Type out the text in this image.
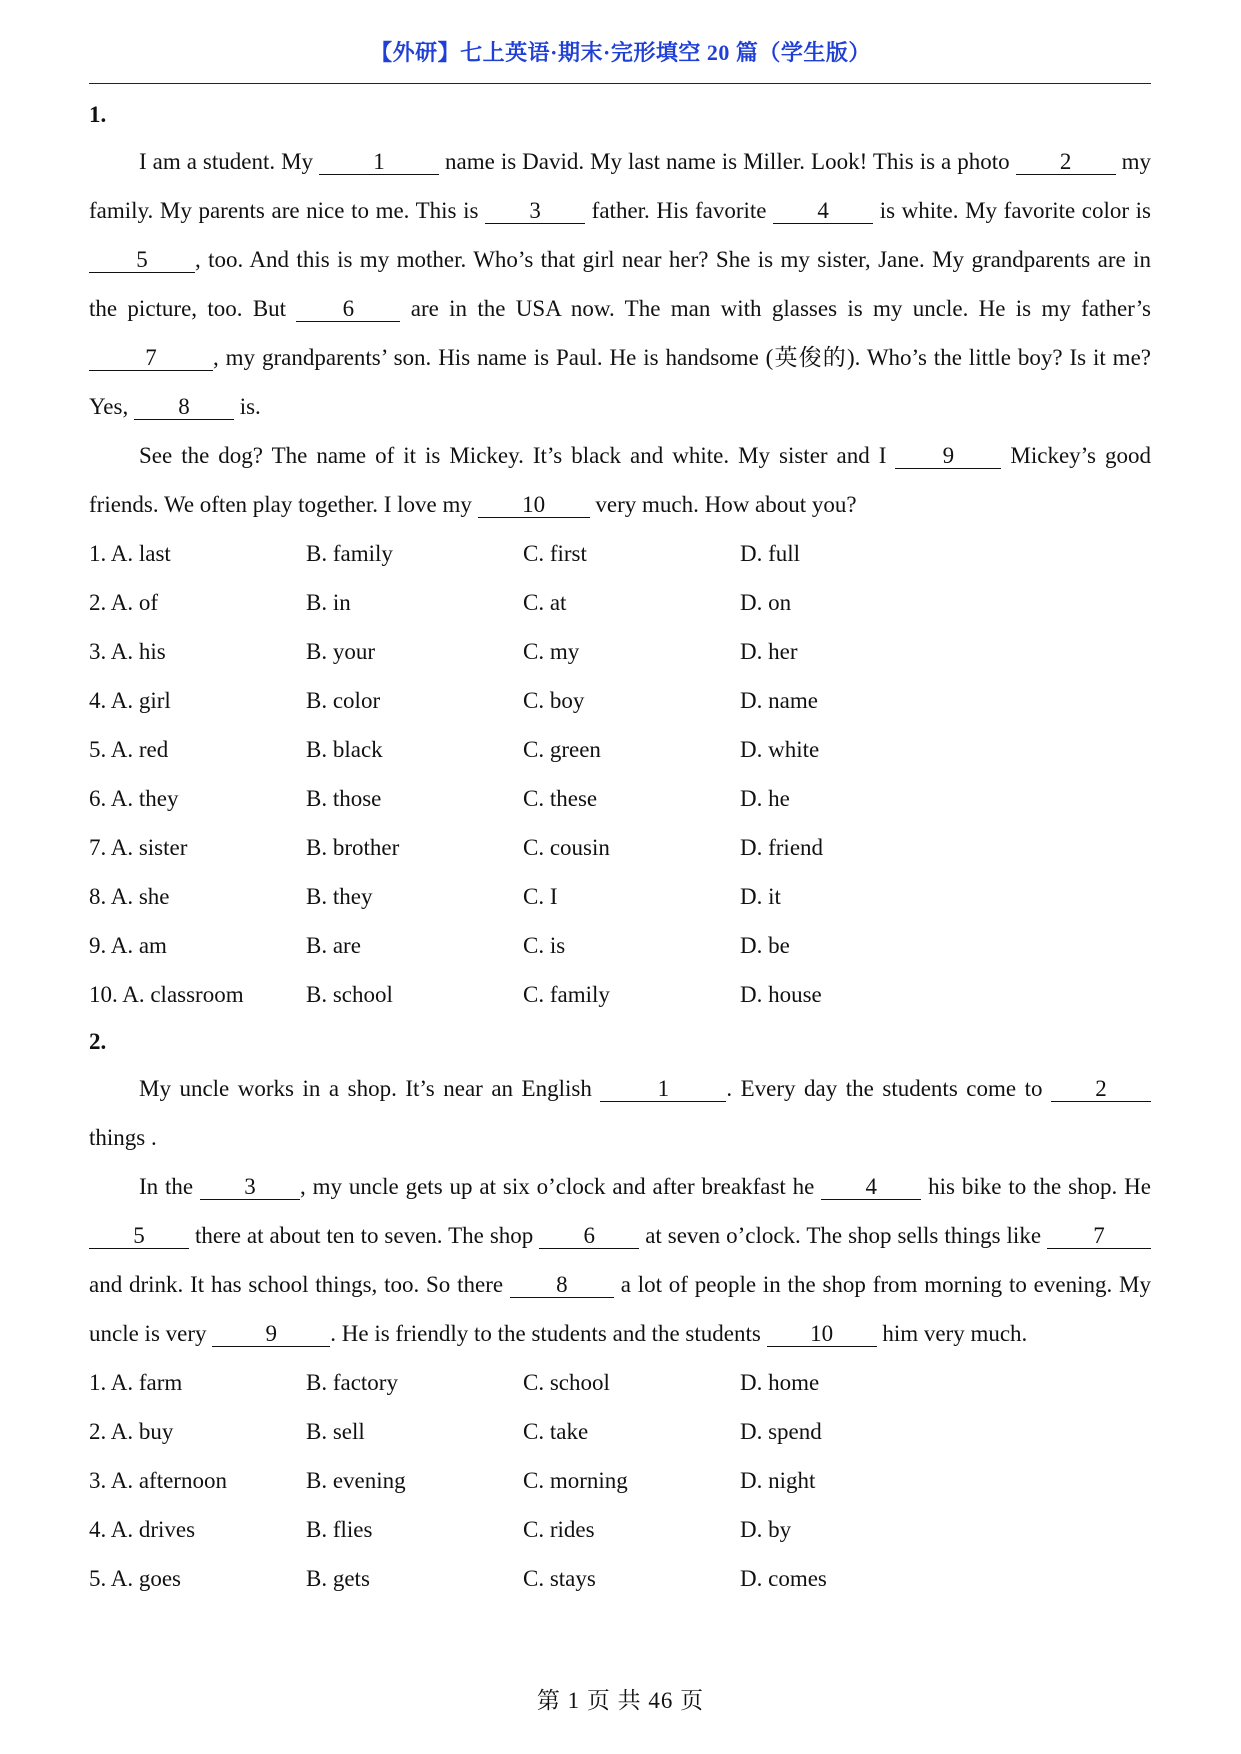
【外研】七上英语·期末·完形填空 20 篇（学生版）
1.

I am a student. My 1 name is David. My last name is Miller. Look! This is a photo 2 my family. My parents are nice to me. This is 3 father. His favorite 4 is white. My favorite color is 5 , too. And this is my mother. Who’s that girl near her? She is my sister, Jane. My grandparents are in the picture, too. But 6 are in the USA now. The man with glasses is my uncle. He is my father’s 7 , my grandparents’ son. His name is Paul. He is handsome (英俊的). Who’s the little boy? Is it me? Yes, 8 is.

See the dog? The name of it is Mickey. It’s black and white. My sister and I 9 Mickey’s good friends. We often play together. I love my 10 very much. How about you?

1. A. last	B. family	C. first	D. full
2. A. of	B. in	C. at	D. on
3. A. his	B. your	C. my	D. her
4. A. girl	B. color	C. boy	D. name
5. A. red	B. black	C. green	D. white
6. A. they	B. those	C. these	D. he
7. A. sister	B. brother	C. cousin	D. friend
8. A. she	B. they	C. I	D. it
9. A. am	B. are	C. is	D. be
10. A. classroom	B. school	C. family	D. house
2.

My uncle works in a shop. It’s near an English 1 . Every day the students come to 2 things .

In the 3 , my uncle gets up at six o’clock and after breakfast he 4 his bike to the shop. He 5 there at about ten to seven. The shop 6 at seven o’clock. The shop sells things like 7 and drink. It has school things, too. So there 8 a lot of people in the shop from morning to evening. My uncle is very 9 . He is friendly to the students and the students 10 him very much.

1. A. farm	B. factory	C. school	D. home
2. A. buy	B. sell	C. take	D. spend
3. A. afternoon	B. evening	C. morning	D. night
4. A. drives	B. flies	C. rides	D. by
5. A. goes	B. gets	C. stays	D. comes
第 1 页 共 46 页
